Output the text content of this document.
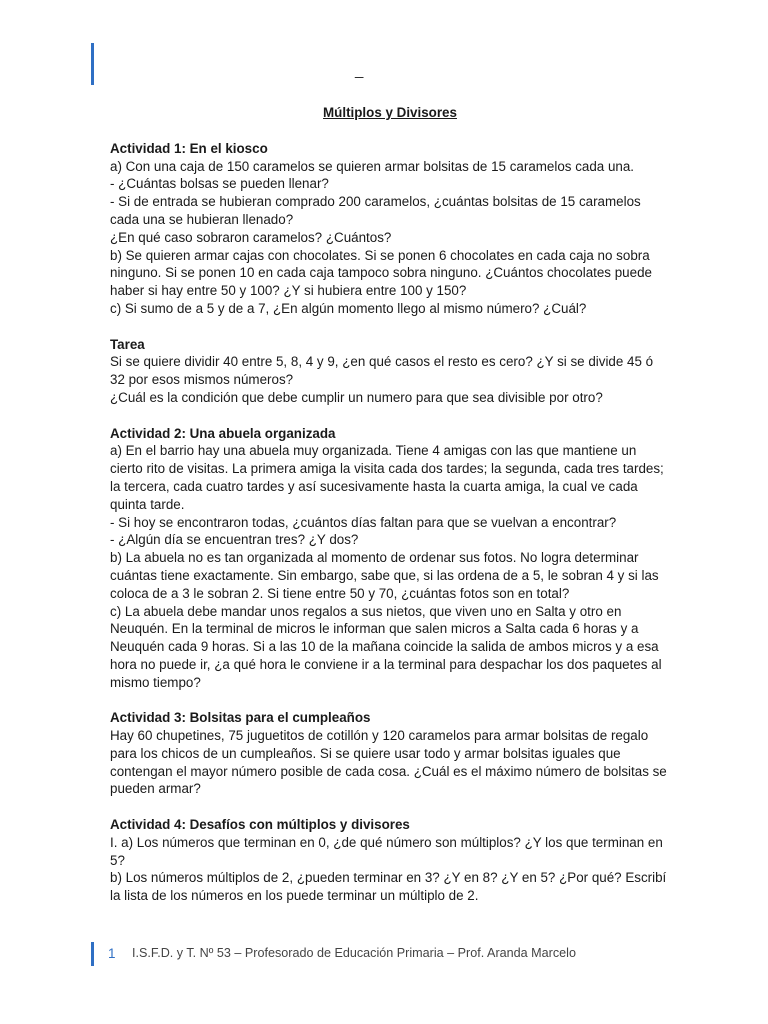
_
Múltiplos y Divisores
Actividad 1: En el kiosco
a) Con una caja de 150 caramelos se quieren armar bolsitas de 15 caramelos cada una.
- ¿Cuántas bolsas se pueden llenar?
- Si de entrada se hubieran comprado 200 caramelos, ¿cuántas bolsitas de 15 caramelos cada una se hubieran llenado?
¿En qué caso sobraron caramelos? ¿Cuántos?
b) Se quieren armar cajas con chocolates. Si se ponen 6 chocolates en cada caja no sobra ninguno. Si se ponen 10 en cada caja tampoco sobra ninguno. ¿Cuántos chocolates puede haber si hay entre 50 y 100? ¿Y si hubiera entre 100 y 150?
c) Si sumo de a 5 y de a 7, ¿En algún momento llego al mismo número? ¿Cuál?
Tarea
Si se quiere dividir 40 entre 5, 8, 4 y 9, ¿en qué casos el resto es cero? ¿Y si se divide 45 ó 32 por esos mismos números?
¿Cuál es la condición que debe cumplir un numero para que sea divisible por otro?
Actividad 2: Una abuela organizada
a) En el barrio hay una abuela muy organizada. Tiene 4 amigas con las que mantiene un cierto rito de visitas. La primera amiga la visita cada dos tardes; la segunda, cada tres tardes; la tercera, cada cuatro tardes y así sucesivamente hasta la cuarta amiga, la cual ve cada quinta tarde.
- Si hoy se encontraron todas, ¿cuántos días faltan para que se vuelvan a encontrar?
- ¿Algún día se encuentran tres? ¿Y dos?
b) La abuela no es tan organizada al momento de ordenar sus fotos. No logra determinar cuántas tiene exactamente. Sin embargo, sabe que, si las ordena de a 5, le sobran 4 y si las coloca de a 3 le sobran 2. Si tiene entre 50 y 70, ¿cuántas fotos son en total?
c) La abuela debe mandar unos regalos a sus nietos, que viven uno en Salta y otro en Neuquén. En la terminal de micros le informan que salen micros a Salta cada 6 horas y a Neuquén cada 9 horas. Si a las 10 de la mañana coincide la salida de ambos micros y a esa hora no puede ir, ¿a qué hora le conviene ir a la terminal para despachar los dos paquetes al mismo tiempo?
Actividad 3: Bolsitas para el cumpleaños
Hay 60 chupetines, 75 juguetitos de cotillón y 120 caramelos para armar bolsitas de regalo para los chicos de un cumpleaños. Si se quiere usar todo y armar bolsitas iguales que contengan el mayor número posible de cada cosa. ¿Cuál es el máximo número de bolsitas se pueden armar?
Actividad 4: Desafíos con múltiplos y divisores
I. a) Los números que terminan en 0, ¿de qué número son múltiplos? ¿Y los que terminan en 5?
b) Los números múltiplos de 2, ¿pueden terminar en 3? ¿Y en 8? ¿Y en 5? ¿Por qué? Escribí la lista de los números en los puede terminar un múltiplo de 2.
1 I.S.F.D. y T. Nº 53 – Profesorado de Educación Primaria – Prof. Aranda Marcelo
